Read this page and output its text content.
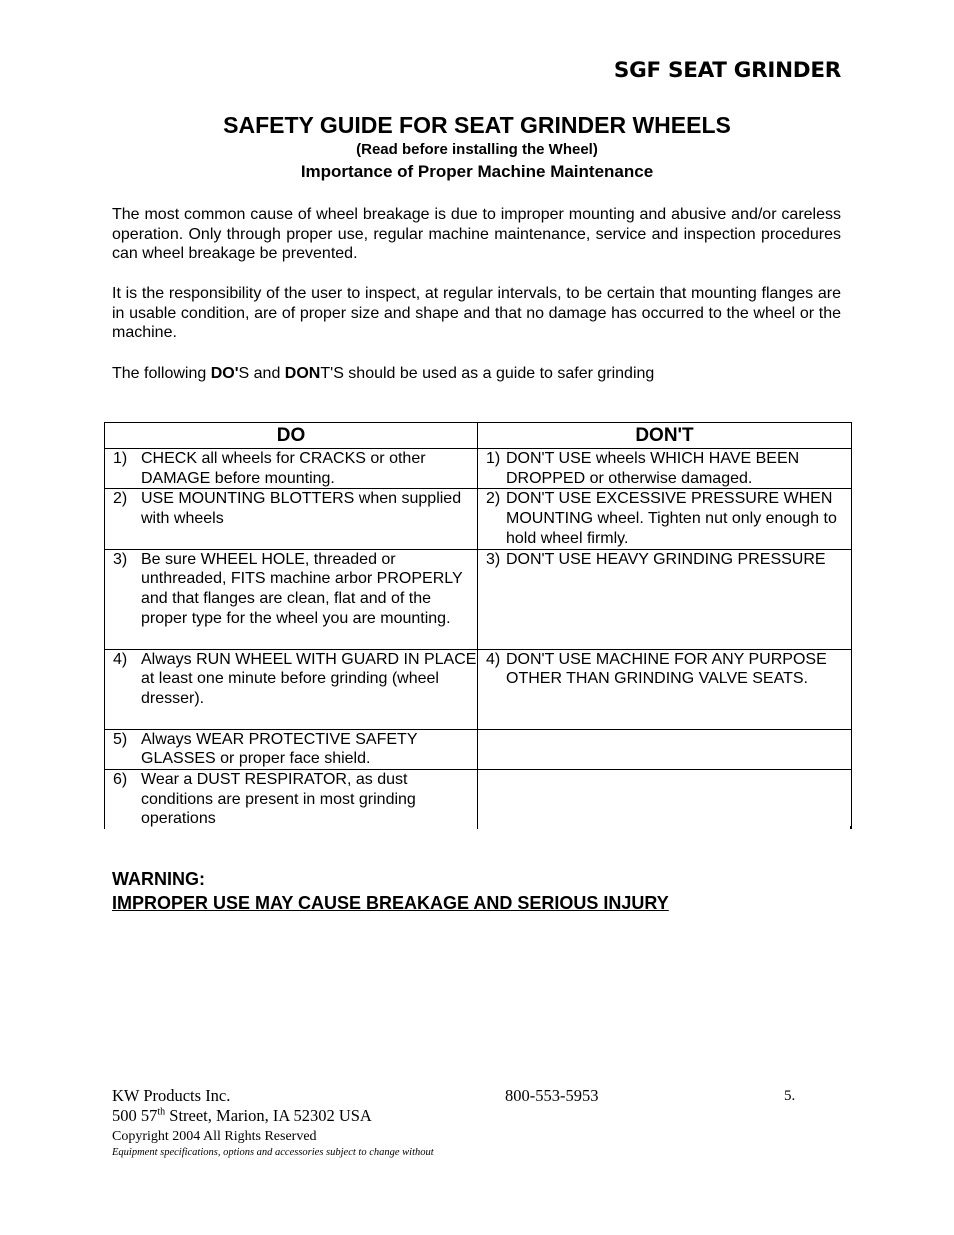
SGF SEAT GRINDER
SAFETY GUIDE FOR SEAT GRINDER WHEELS
(Read before installing the Wheel)
Importance of Proper Machine Maintenance
The most common cause of wheel breakage is due to improper mounting and abusive and/or careless operation. Only through proper use, regular machine maintenance, service and inspection procedures can wheel breakage be prevented.
It is the responsibility of the user to inspect, at regular intervals, to be certain that mounting flanges are in usable condition, are of proper size and shape and that no damage has occurred to the wheel or the machine.
The following DO'S and DONT'S should be used as a guide to safer grinding
DO	DON'T

1) CHECK all wheels for CRACKS or other DAMAGE before mounting.	1) DON'T USE wheels WHICH HAVE BEEN DROPPED or otherwise damaged.

2) USE MOUNTING BLOTTERS when supplied with wheels	2) DON'T USE EXCESSIVE PRESSURE WHEN MOUNTING wheel. Tighten nut only enough to hold wheel firmly.

3) Be sure WHEEL HOLE, threaded or unthreaded, FITS machine arbor PROPERLY and that flanges are clean, flat and of the proper type for the wheel you are mounting.	3) DON'T USE HEAVY GRINDING PRESSURE

4) Always RUN WHEEL WITH GUARD IN PLACE at least one minute before grinding (wheel dresser).	4) DON'T USE MACHINE FOR ANY PURPOSE OTHER THAN GRINDING VALVE SEATS.

5) Always WEAR PROTECTIVE SAFETY GLASSES or proper face shield.	

6) Wear a DUST RESPIRATOR, as dust conditions are present in most grinding operations	

WARNING:
IMPROPER USE MAY CAUSE BREAKAGE AND SERIOUS INJURY
KW Products Inc.	800-553-5953	5.
500 57th Street, Marion, IA 52302 USA
Copyright 2004 All Rights Reserved
Equipment specifications, options and accessories subject to change without
